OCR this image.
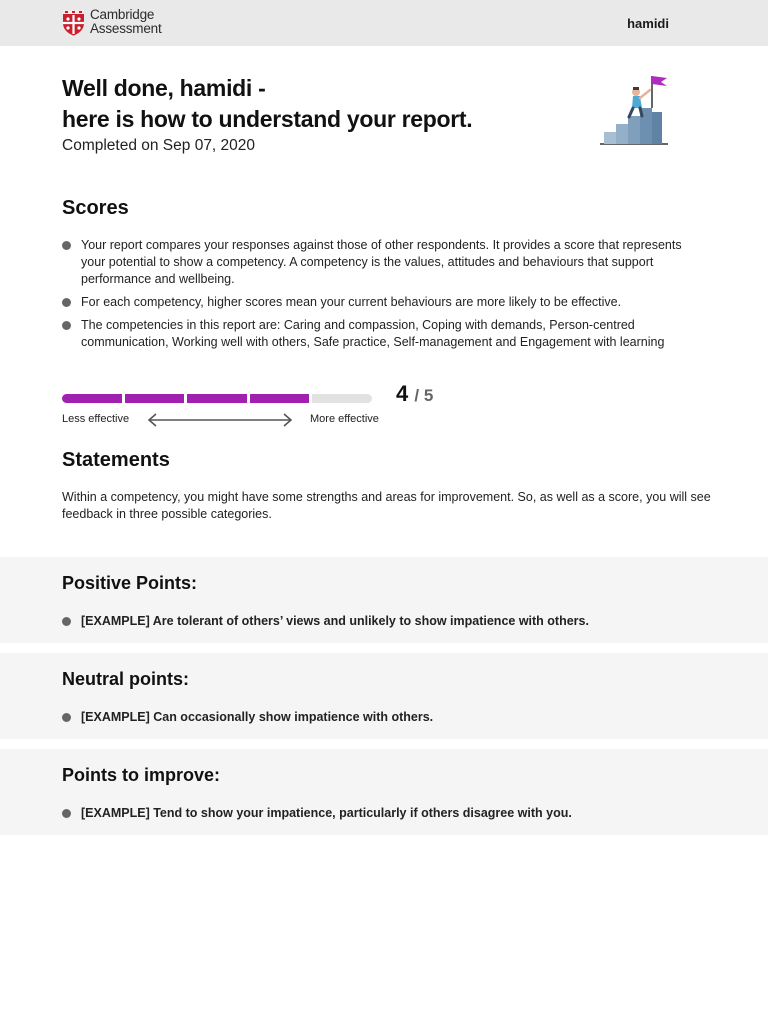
Cambridge
Assessment	hamidi
Well done, hamidi -
here is how to understand your report.
Completed on Sep 07, 2020
Scores
Your report compares your responses against those of other respondents. It provides a score that represents your potential to show a competency. A competency is the values, attitudes and behaviours that support performance and wellbeing.
For each competency, higher scores mean your current behaviours are more likely to be effective.
The competencies in this report are: Caring and compassion, Coping with demands, Person-centred communication, Working well with others, Safe practice, Self-management and Engagement with learning
4 / 5
Less effective	More effective
Statements

Within a competency, you might have some strengths and areas for improvement. So, as well as a score, you will see feedback in three possible categories.

Positive Points:
[EXAMPLE] Are tolerant of others’ views and unlikely to show impatience with others.
Neutral points:
[EXAMPLE] Can occasionally show impatience with others.
Points to improve:
[EXAMPLE] Tend to show your impatience, particularly if others disagree with you.
